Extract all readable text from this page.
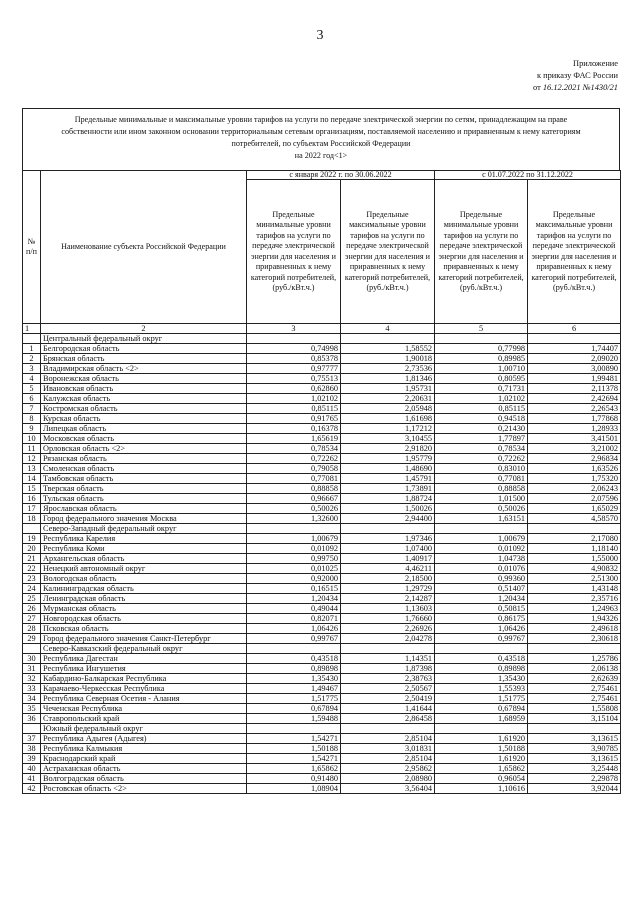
3
Приложение
к приказу ФАС России
от 16.12.2021 №1430/21
Предельные минимальные и максимальные уровни тарифов на услуги по передаче электрической энергии по сетям, принадлежащим на праве
собственности или ином законном основании территориальным сетевым организациям, поставляемой населению и приравненным к нему категориям
потребителей, по субъектам Российской Федерации
на 2022 год<1>
№ п/п	Наименование субъекта Российской Федерации	с января 2022 г. по 30.06.2022		с 01.07.2022 по 31.12.2022	
		Предельные минимальные уровни тарифов на услуги по передаче электрической энергии для населения и приравненных к нему категорий потребителей, (руб./кВт.ч.)	Предельные максимальные уровни тарифов на услуги по передаче электрической энергии для населения и приравненных к нему категорий потребителей, (руб./кВт.ч.)	Предельные минимальные уровни тарифов на услуги по передаче электрической энергии для населения и приравненных к нему категорий потребителей, (руб./кВт.ч.)	Предельные максимальные уровни тарифов на услуги по передаче электрической энергии для населения и приравненных к нему категорий потребителей, (руб./кВт.ч.)
1	2	3	4	5	6
	Центральный федеральный округ				
1	Белгородская область	0,74998	1,58552	0,77998	1,74407
2	Брянская область	0,85378	1,90018	0,89985	2,09020
3	Владимирская область <2>	0,97777	2,73536	1,00710	3,00890
4	Воронежская область	0,75513	1,81346	0,80595	1,99481
5	Ивановская область	0,62860	1,95731	0,71731	2,11378
6	Калужская область	1,02102	2,20631	1,02102	2,42694
7	Костромская область	0,85115	2,05948	0,85115	2,26543
8	Курская область	0,91765	1,61698	0,94518	1,77868
9	Липецкая область	0,16378	1,17212	0,21430	1,28933
10	Московская область	1,65619	3,10455	1,77897	3,41501
11	Орловская область <2>	0,78534	2,91820	0,78534	3,21002
12	Рязанская область	0,72262	1,95779	0,72262	2,96834
13	Смоленская область	0,79058	1,48690	0,83010	1,63526
14	Тамбовская область	0,77081	1,45791	0,77081	1,75320
15	Тверская область	0,88858	1,73891	0,88858	2,06243
16	Тульская область	0,96667	1,88724	1,01500	2,07596
17	Ярославская область	0,50026	1,50026	0,50026	1,65029
18	Город федерального значения Москва	1,32600	2,94400	1,63151	4,58570
	Северо-Западный федеральный округ				
19	Республика Карелия	1,00679	1,97346	1,00679	2,17080
20	Республика Коми	0,01092	1,07400	0,01092	1,18140
21	Архангельская область	0,99750	1,40917	1,04738	1,55000
22	Ненецкий автономный округ	0,01025	4,46211	0,01076	4,90832
23	Вологодская область	0,92000	2,18500	0,99360	2,51300
24	Калининградская область	0,16515	1,29729	0,51407	1,43148
25	Ленинградская область	1,20434	2,14287	1,20434	2,35716
26	Мурманская область	0,49044	1,13603	0,50815	1,24963
27	Новгородская область	0,82071	1,76660	0,86175	1,94326
28	Псковская область	1,06426	2,26926	1,06426	2,49618
29	Город федерального значения Санкт-Петербург	0,99767	2,04278	0,99767	2,30618
	Северо-Кавказский федеральный округ				
30	Республика Дагестан	0,43518	1,14351	0,43518	1,25786
31	Республика Ингушетия	0,89898	1,87398	0,89898	2,06138
32	Кабардино-Балкарская Республика	1,35430	2,38763	1,35430	2,62639
33	Карачаево-Черкесская Республика	1,49467	2,50567	1,55393	2,75461
34	Республика Северная Осетия - Алания	1,51775	2,50419	1,51775	2,75461
35	Чеченская Республика	0,67894	1,41644	0,67894	1,55808
36	Ставропольский край	1,59488	2,86458	1,68959	3,15104
	Южный федеральный округ				
37	Республика Адыгея (Адыгея)	1,54271	2,85104	1,61920	3,13615
38	Республика Калмыкия	1,50188	3,01831	1,50188	3,90785
39	Краснодарский край	1,54271	2,85104	1,61920	3,13615
40	Астраханская область	1,65862	2,95862	1,65862	3,25448
41	Волгоградская область	0,91480	2,08980	0,96054	2,29878
42	Ростовская область <2>	1,08904	3,56404	1,10616	3,92044
